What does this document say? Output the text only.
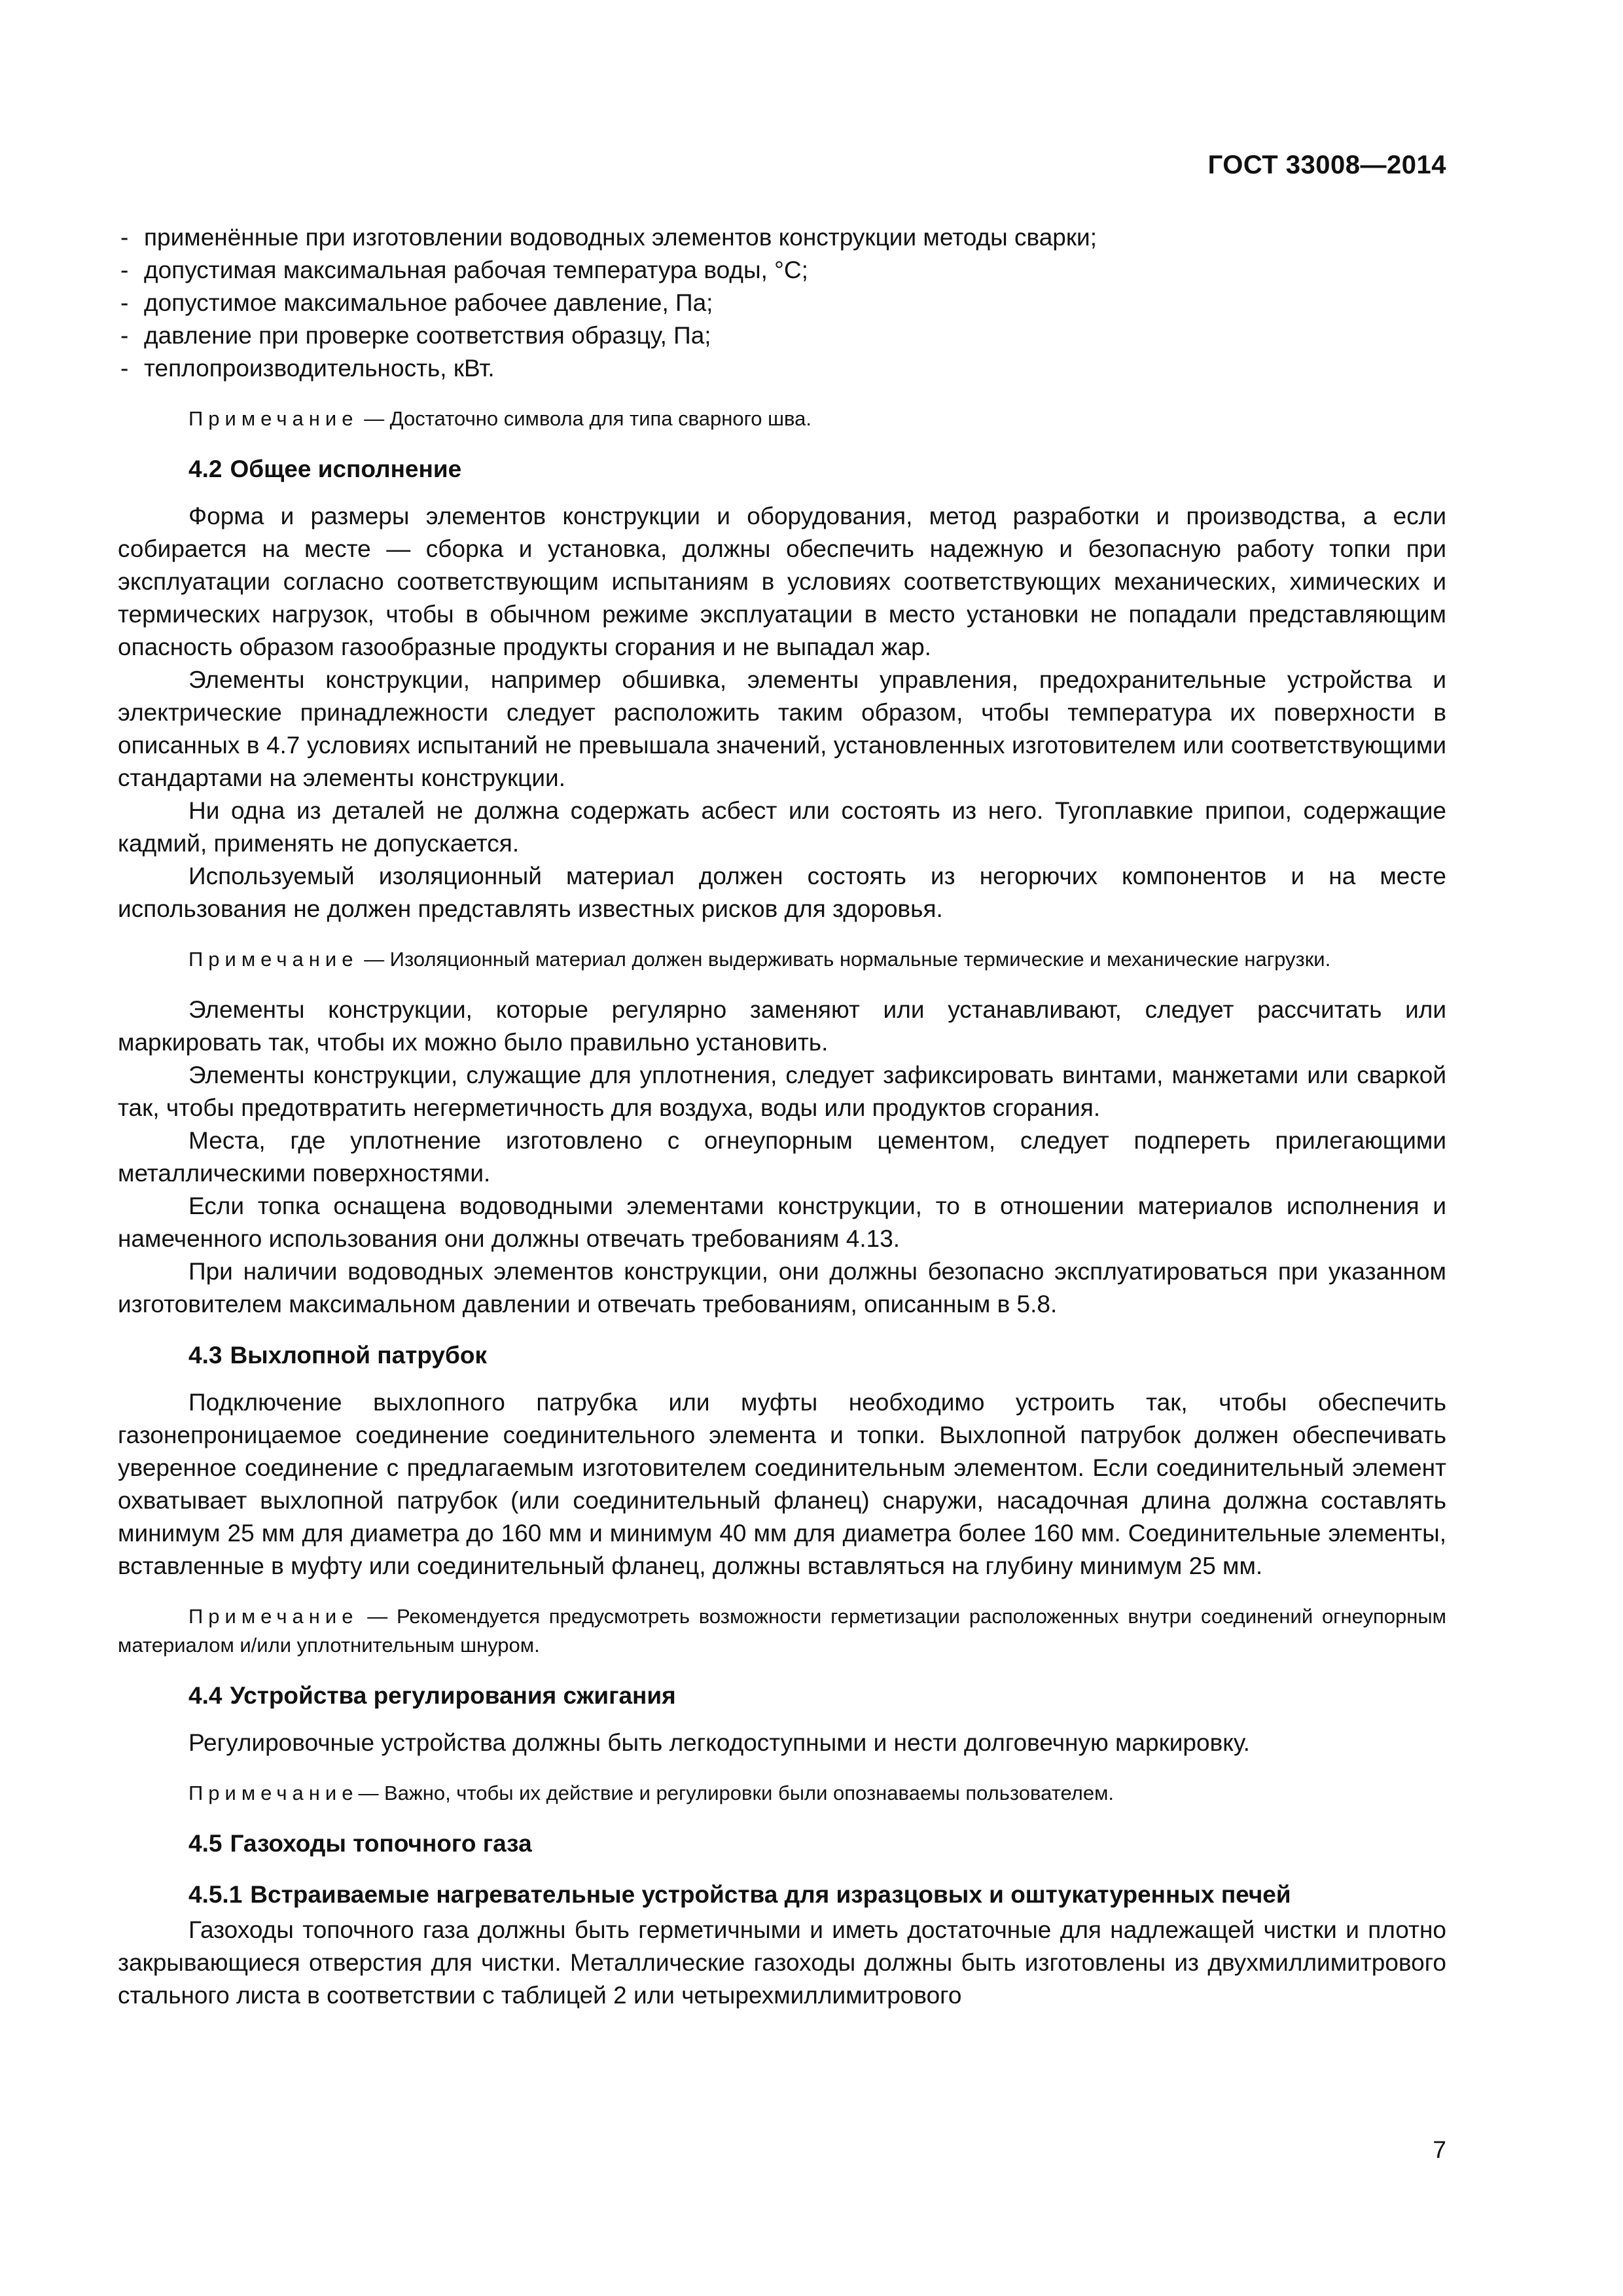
ГОСТ 33008—2014
- применённые при изготовлении водоводных элементов конструкции методы сварки;
- допустимая максимальная рабочая температура воды, °С;
- допустимое максимальное рабочее давление, Па;
- давление при проверке соответствия образцу, Па;
- теплопроизводительность, кВт.

Примечание — Достаточно символа для типа сварного шва.

4.2 Общее исполнение

Форма и размеры элементов конструкции и оборудования, метод разработки и производства, а если собирается на месте — сборка и установка, должны обеспечить надежную и безопасную работу топки при эксплуатации согласно соответствующим испытаниям в условиях соответствующих механических, химических и термических нагрузок, чтобы в обычном режиме эксплуатации в место установки не попадали представляющим опасность образом газообразные продукты сгорания и не выпадал жар.

Элементы конструкции, например обшивка, элементы управления, предохранительные устройства и электрические принадлежности следует расположить таким образом, чтобы температура их поверхности в описанных в 4.7 условиях испытаний не превышала значений, установленных изготовителем или соответствующими стандартами на элементы конструкции.

Ни одна из деталей не должна содержать асбест или состоять из него. Тугоплавкие припои, содержащие кадмий, применять не допускается.

Используемый изоляционный материал должен состоять из негорючих компонентов и на месте использования не должен представлять известных рисков для здоровья.

Примечание — Изоляционный материал должен выдерживать нормальные термические и механические нагрузки.

Элементы конструкции, которые регулярно заменяют или устанавливают, следует рассчитать или маркировать так, чтобы их можно было правильно установить.

Элементы конструкции, служащие для уплотнения, следует зафиксировать винтами, манжетами или сваркой так, чтобы предотвратить негерметичность для воздуха, воды или продуктов сгорания.

Места, где уплотнение изготовлено с огнеупорным цементом, следует подпереть прилегающими металлическими поверхностями.

Если топка оснащена водоводными элементами конструкции, то в отношении материалов исполнения и намеченного использования они должны отвечать требованиям 4.13.

При наличии водоводных элементов конструкции, они должны безопасно эксплуатироваться при указанном изготовителем максимальном давлении и отвечать требованиям, описанным в 5.8.

4.3 Выхлопной патрубок

Подключение выхлопного патрубка или муфты необходимо устроить так, чтобы обеспечить газонепроницаемое соединение соединительного элемента и топки. Выхлопной патрубок должен обеспечивать уверенное соединение с предлагаемым изготовителем соединительным элементом. Если соединительный элемент охватывает выхлопной патрубок (или соединительный фланец) снаружи, насадочная длина должна составлять минимум 25 мм для диаметра до 160 мм и минимум 40 мм для диаметра более 160 мм. Соединительные элементы, вставленные в муфту или соединительный фланец, должны вставляться на глубину минимум 25 мм.

Примечание — Рекомендуется предусмотреть возможности герметизации расположенных внутри соединений огнеупорным материалом и/или уплотнительным шнуром.

4.4 Устройства регулирования сжигания

Регулировочные устройства должны быть легкодоступными и нести долговечную маркировку.

Примечание— Важно, чтобы их действие и регулировки были опознаваемы пользователем.

4.5 Газоходы топочного газа
4.5.1 Встраиваемые нагревательные устройства для изразцовых и оштукатуренных печей

Газоходы топочного газа должны быть герметичными и иметь достаточные для надлежащей чистки и плотно закрывающиеся отверстия для чистки. Металлические газоходы должны быть изготовлены из двухмиллимитрового стального листа в соответствии с таблицей 2 или четырехмиллимитрового

7
